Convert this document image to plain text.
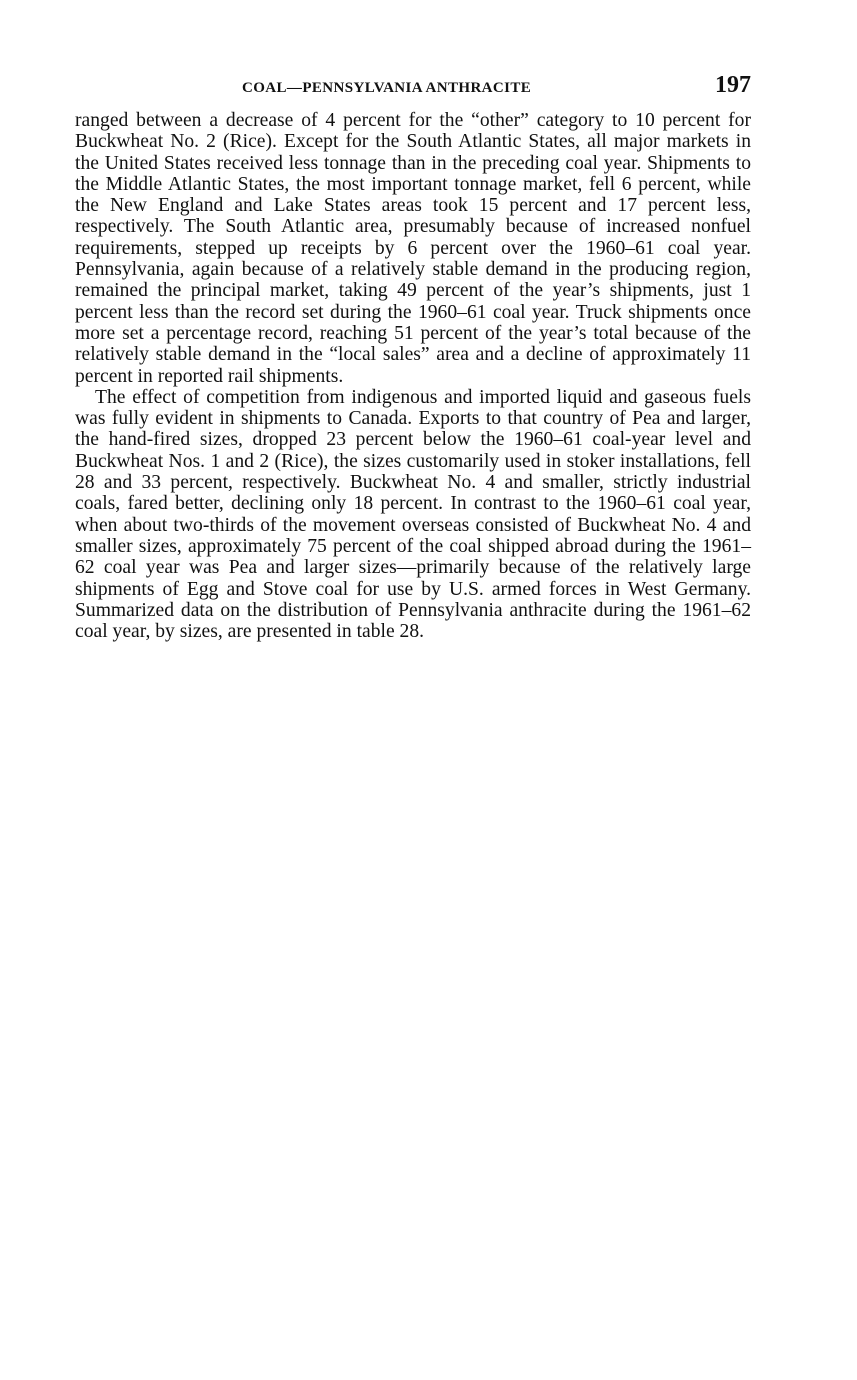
COAL—PENNSYLVANIA ANTHRACITE	197

ranged between a decrease of 4 percent for the “other” category to 10 percent for Buckwheat No. 2 (Rice). Except for the South Atlantic States, all major markets in the United States received less tonnage than in the preceding coal year. Shipments to the Middle Atlantic States, the most important tonnage market, fell 6 percent, while the New England and Lake States areas took 15 percent and 17 percent less, respectively. The South Atlantic area, presumably because of increased nonfuel requirements, stepped up receipts by 6 percent over the 1960–61 coal year. Pennsylvania, again because of a relatively stable demand in the producing region, remained the principal market, taking 49 percent of the year’s shipments, just 1 percent less than the record set during the 1960–61 coal year. Truck shipments once more set a percentage record, reaching 51 percent of the year’s total because of the relatively stable demand in the “local sales” area and a decline of approximately 11 percent in reported rail shipments.

The effect of competition from indigenous and imported liquid and gaseous fuels was fully evident in shipments to Canada. Exports to that country of Pea and larger, the hand-fired sizes, dropped 23 percent below the 1960–61 coal-year level and Buckwheat Nos. 1 and 2 (Rice), the sizes customarily used in stoker installations, fell 28 and 33 percent, respectively. Buckwheat No. 4 and smaller, strictly industrial coals, fared better, declining only 18 percent. In contrast to the 1960–61 coal year, when about two-thirds of the movement overseas consisted of Buckwheat No. 4 and smaller sizes, approximately 75 percent of the coal shipped abroad during the 1961–62 coal year was Pea and larger sizes—primarily because of the relatively large shipments of Egg and Stove coal for use by U.S. armed forces in West Germany. Summarized data on the distribution of Pennsylvania anthracite during the 1961–62 coal year, by sizes, are presented in table 28.
